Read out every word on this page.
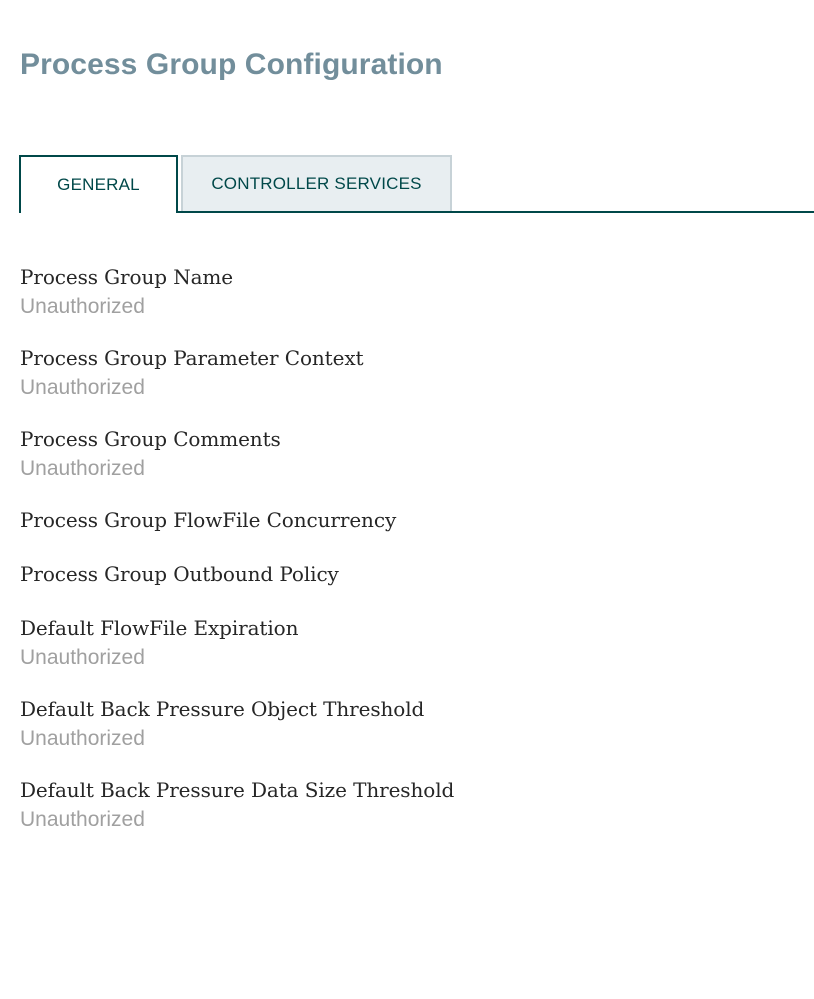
Process Group Configuration
GENERAL	CONTROLLER SERVICES
Process Group Name
Unauthorized
Process Group Parameter Context
Unauthorized
Process Group Comments
Unauthorized
Process Group FlowFile Concurrency
Process Group Outbound Policy
Default FlowFile Expiration
Unauthorized
Default Back Pressure Object Threshold
Unauthorized
Default Back Pressure Data Size Threshold
Unauthorized
